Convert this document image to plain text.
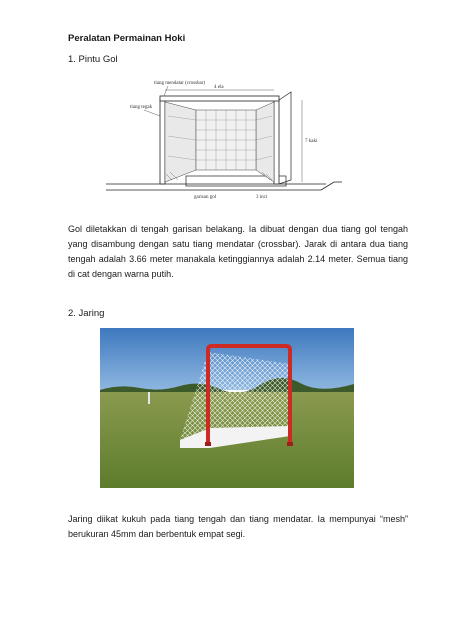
Peralatan Permainan Hoki
1. Pintu Gol
tiang mendatar (crossbar)
tiang tegak
4 ela
7 kaki
garisan gol	3 inci
Gol diletakkan di tengah garisan belakang. Ia dibuat dengan dua tiang gol tengah yang disambung dengan satu tiang mendatar (crossbar). Jarak di antara dua tiang tengah adalah 3.66 meter manakala ketinggiannya adalah 2.14 meter. Semua tiang di cat dengan warna putih.
2. Jaring
Jaring diikat kukuh pada tiang tengah dan tiang mendatar. Ia mempunyai “mesh” berukuran 45mm dan berbentuk empat segi.
